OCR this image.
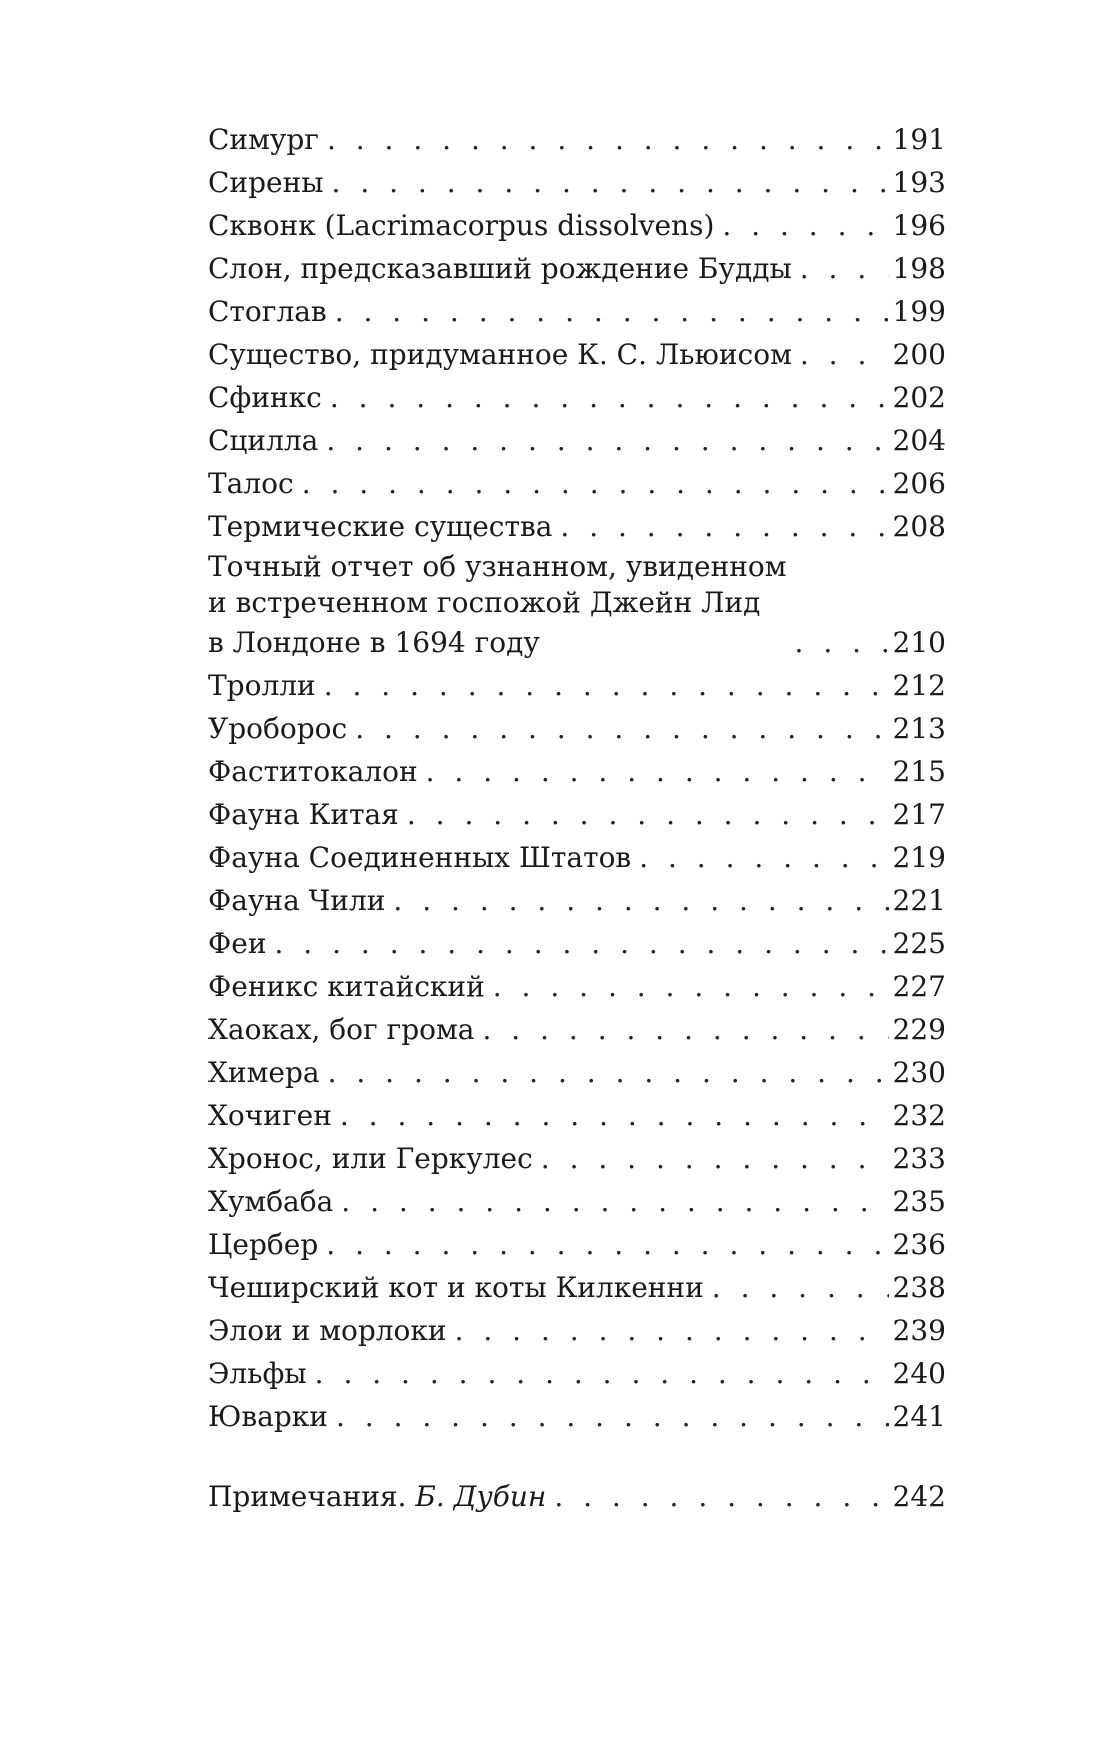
Симург . . .	191
Сирены . . .	193
Сквонк (Lacrimacorpus dissolvens) . . .	196
Слон, предсказавший рождение Будды . . .	198
Стоглав . . .	199
Существо, придуманное К. С. Льюисом . . .	200
Сфинкс . . .	202
Сцилла . . .	204
Талос . . .	206
Термические существа . . .	208
Точный отчет об узнанном, увиденном
и встреченном госпожой Джейн Лид
в Лондоне в 1694 году . . .	210
Тролли . . .	212
Уроборос . . .	213
Фаститокалон . . .	215
Фауна Китая . . .	217
Фауна Соединенных Штатов . . .	219
Фауна Чили . . .	221
Феи . . .	225
Феникс китайский . . .	227
Хаоках, бог грома . . .	229
Химера . . .	230
Хочиген . . .	232
Хронос, или Геркулес . . .	233
Хумбаба . . .	235
Цербер . . .	236
Чеширский кот и коты Килкенни . . .	238
Элои и морлоки . . .	239
Эльфы . . .	240
Юварки . . .	241
Примечания. Б. Дубин . . .	242
